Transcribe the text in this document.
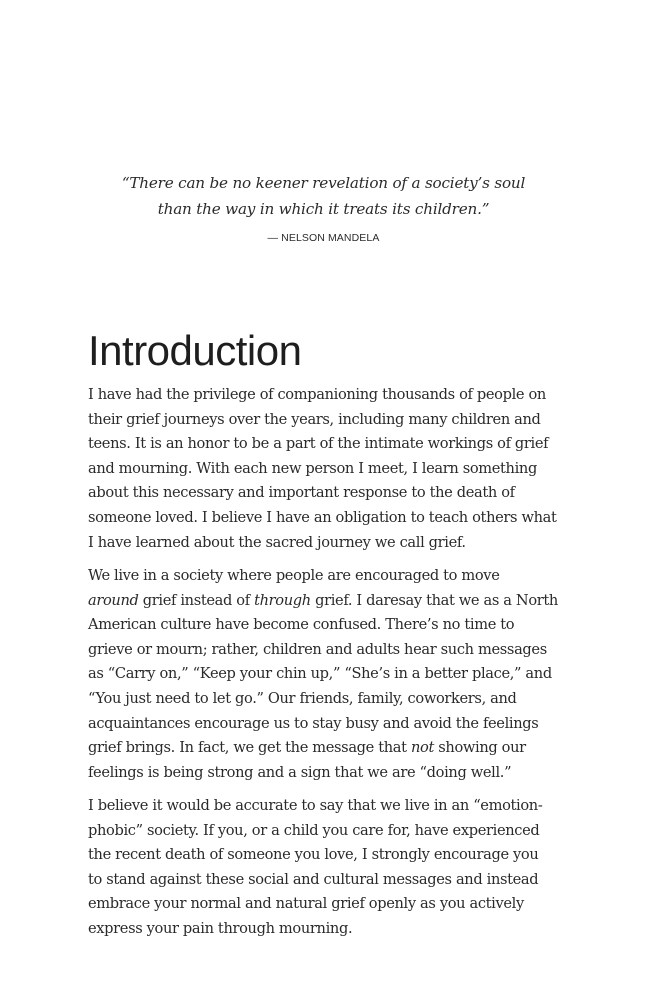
“There can be no keener revelation of a society’s soul
than the way in which it treats its children.”
— NELSON MANDELA
Introduction
I have had the privilege of companioning thousands of people on
their grief journeys over the years, including many children and
teens. It is an honor to be a part of the intimate workings of grief
and mourning. With each new person I meet, I learn something
about this necessary and important response to the death of
someone loved. I believe I have an obligation to teach others what
I have learned about the sacred journey we call grief.
We live in a society where people are encouraged to move
around grief instead of through grief. I daresay that we as a North
American culture have become confused. There’s no time to
grieve or mourn; rather, children and adults hear such messages
as “Carry on,” “Keep your chin up,” “She’s in a better place,” and
“You just need to let go.” Our friends, family, coworkers, and
acquaintances encourage us to stay busy and avoid the feelings
grief brings. In fact, we get the message that not showing our
feelings is being strong and a sign that we are “doing well.”
I believe it would be accurate to say that we live in an “emotion-
phobic” society. If you, or a child you care for, have experienced
the recent death of someone you love, I strongly encourage you
to stand against these social and cultural messages and instead
embrace your normal and natural grief openly as you actively
express your pain through mourning.
